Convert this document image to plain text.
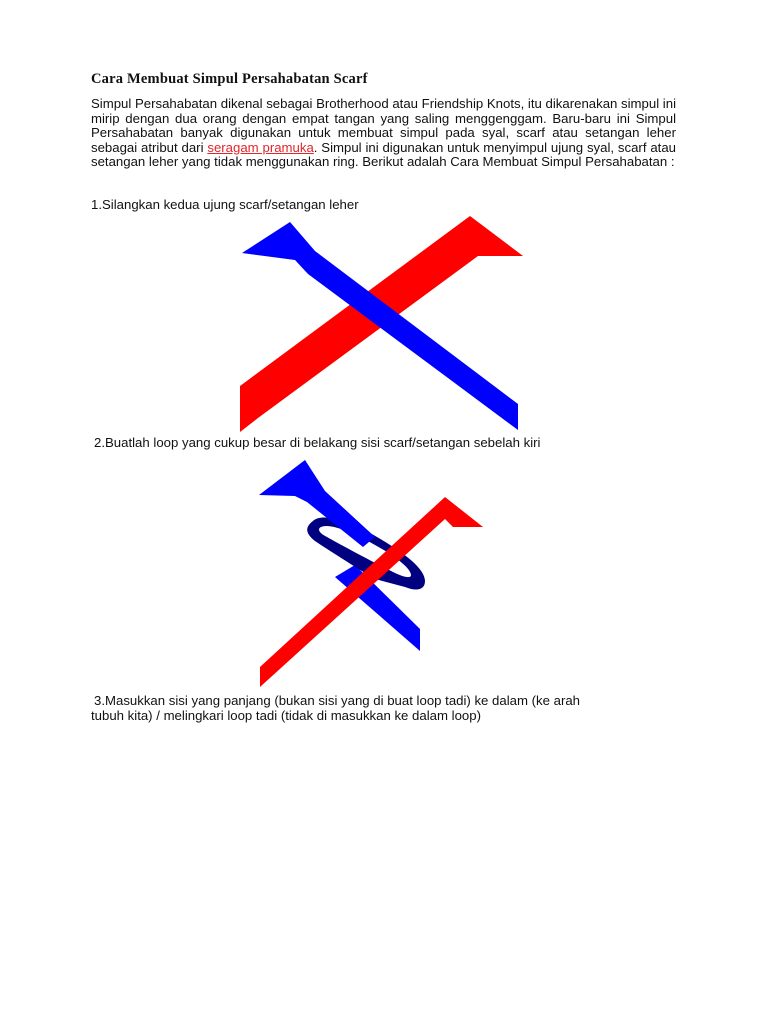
Cara Membuat Simpul Persahabatan Scarf

Simpul Persahabatan dikenal sebagai Brotherhood atau Friendship Knots, itu dikarenakan simpul ini mirip dengan dua orang dengan empat tangan yang saling menggenggam. Baru-baru ini Simpul Persahabatan banyak digunakan untuk membuat simpul pada syal, scarf atau setangan leher sebagai atribut dari seragam pramuka. Simpul ini digunakan untuk menyimpul ujung syal, scarf atau setangan leher yang tidak menggunakan ring. Berikut adalah Cara Membuat Simpul Persahabatan :

1.Silangkan kedua ujung scarf/setangan leher

2.Buatlah loop yang cukup besar di belakang sisi scarf/setangan sebelah kiri

3.Masukkan sisi yang panjang (bukan sisi yang di buat loop tadi) ke dalam (ke arah
tubuh kita) / melingkari loop tadi (tidak di masukkan ke dalam loop)
